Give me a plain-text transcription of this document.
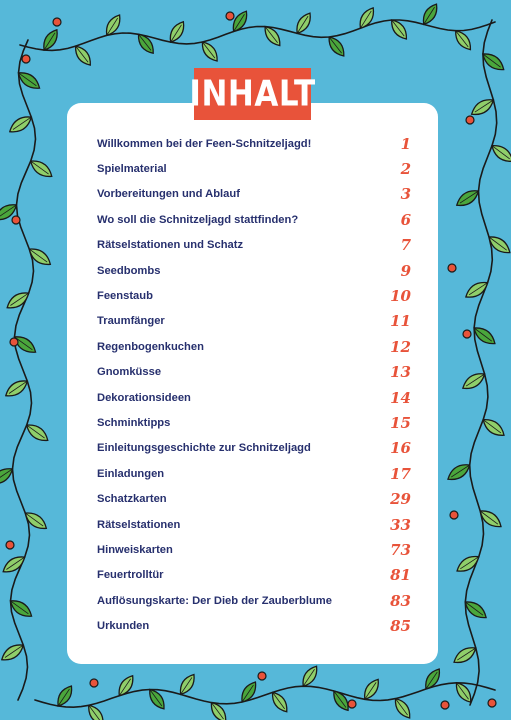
INHALT
Willkommen bei der Feen-Schnitzeljagd!	1
Spielmaterial	2
Vorbereitungen und Ablauf	3
Wo soll die Schnitzeljagd stattfinden?	6
Rätselstationen und Schatz	7
Seedbombs	9
Feenstaub	10
Traumfänger	11
Regenbogenkuchen	12
Gnomküsse	13
Dekorationsideen	14
Schminktipps	15
Einleitungsgeschichte zur Schnitzeljagd	16
Einladungen	17
Schatzkarten	29
Rätselstationen	33
Hinweiskarten	73
Feuertrolltür	81
Auflösungskarte: Der Dieb der Zauberblume	83
Urkunden	85
